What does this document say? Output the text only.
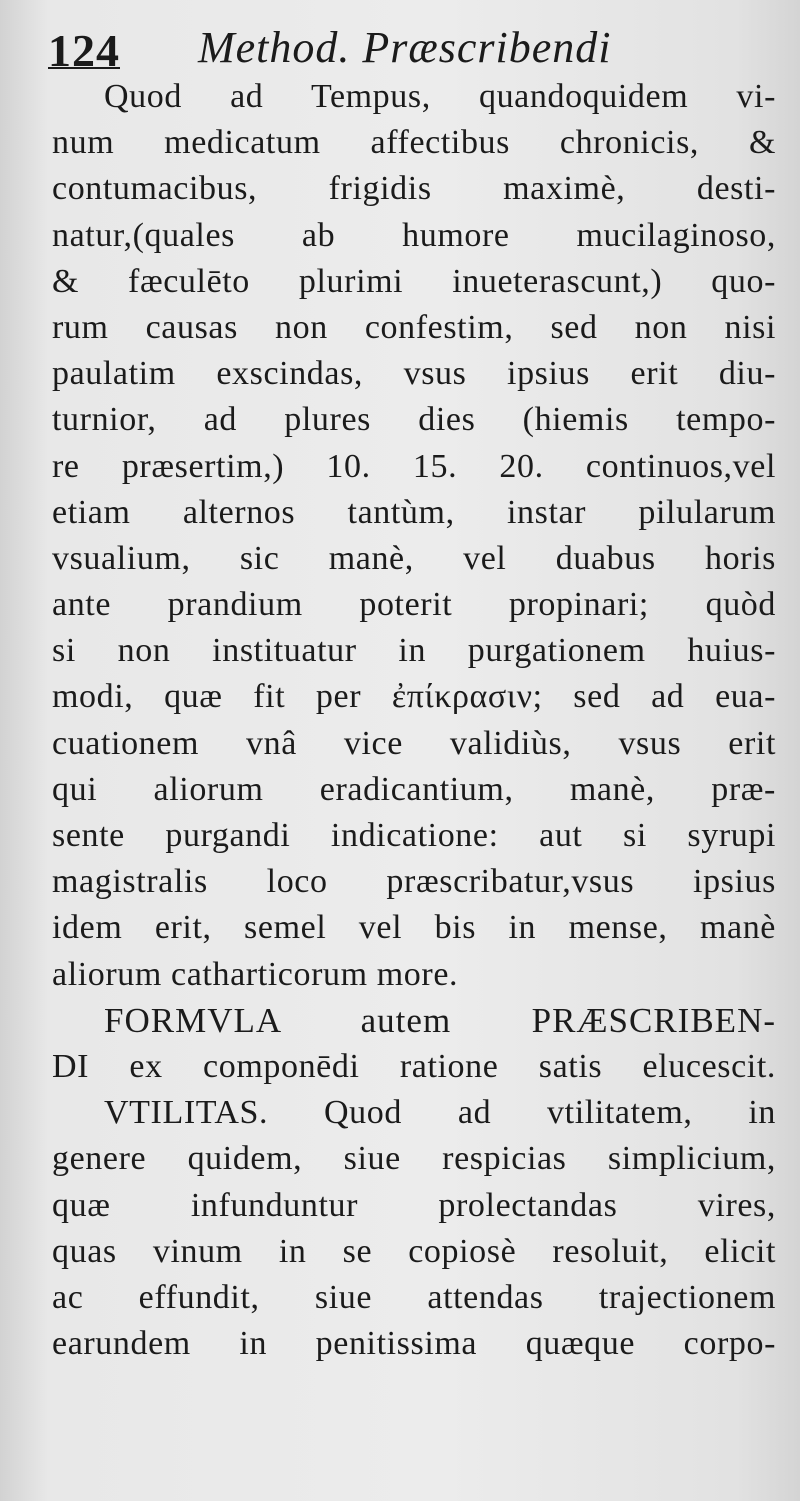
124 Method. Præscribendi
Quod ad Tempus, quandoquidem vi-
num medicatum affectibus chronicis, &
contumacibus, frigidis maximè, desti-
natur,(quales ab humore mucilaginoso,
& fæculēto plurimi inueterascunt,) quo-
rum causas non confestim, sed non nisi
paulatim exscindas, vsus ipsius erit diu-
turnior, ad plures dies (hiemis tempo-
re præsertim,) 10. 15. 20. continuos,vel
etiam alternos tantùm, instar pilularum
vsualium, sic manè, vel duabus horis
ante prandium poterit propinari; quòd
si non instituatur in purgationem huius-
modi, quæ fit per ἐπίκρασιν; sed ad eua-
cuationem vnâ vice validiùs, vsus erit
qui aliorum eradicantium, manè, præ-
sente purgandi indicatione: aut si syrupi
magistralis loco præscribatur,vsus ipsius
idem erit, semel vel bis in mense, manè
aliorum catharticorum more.
FORMVLA autem PRÆSCRIBEN-
DI ex componēdi ratione satis elucescit.
VTILITAS. Quod ad vtilitatem, in
genere quidem, siue respicias simplicium,
quæ infunduntur prolectandas vires,
quas vinum in se copiosè resoluit, elicit
ac effundit, siue attendas trajectionem
earundem in penitissima quæque corpo-
